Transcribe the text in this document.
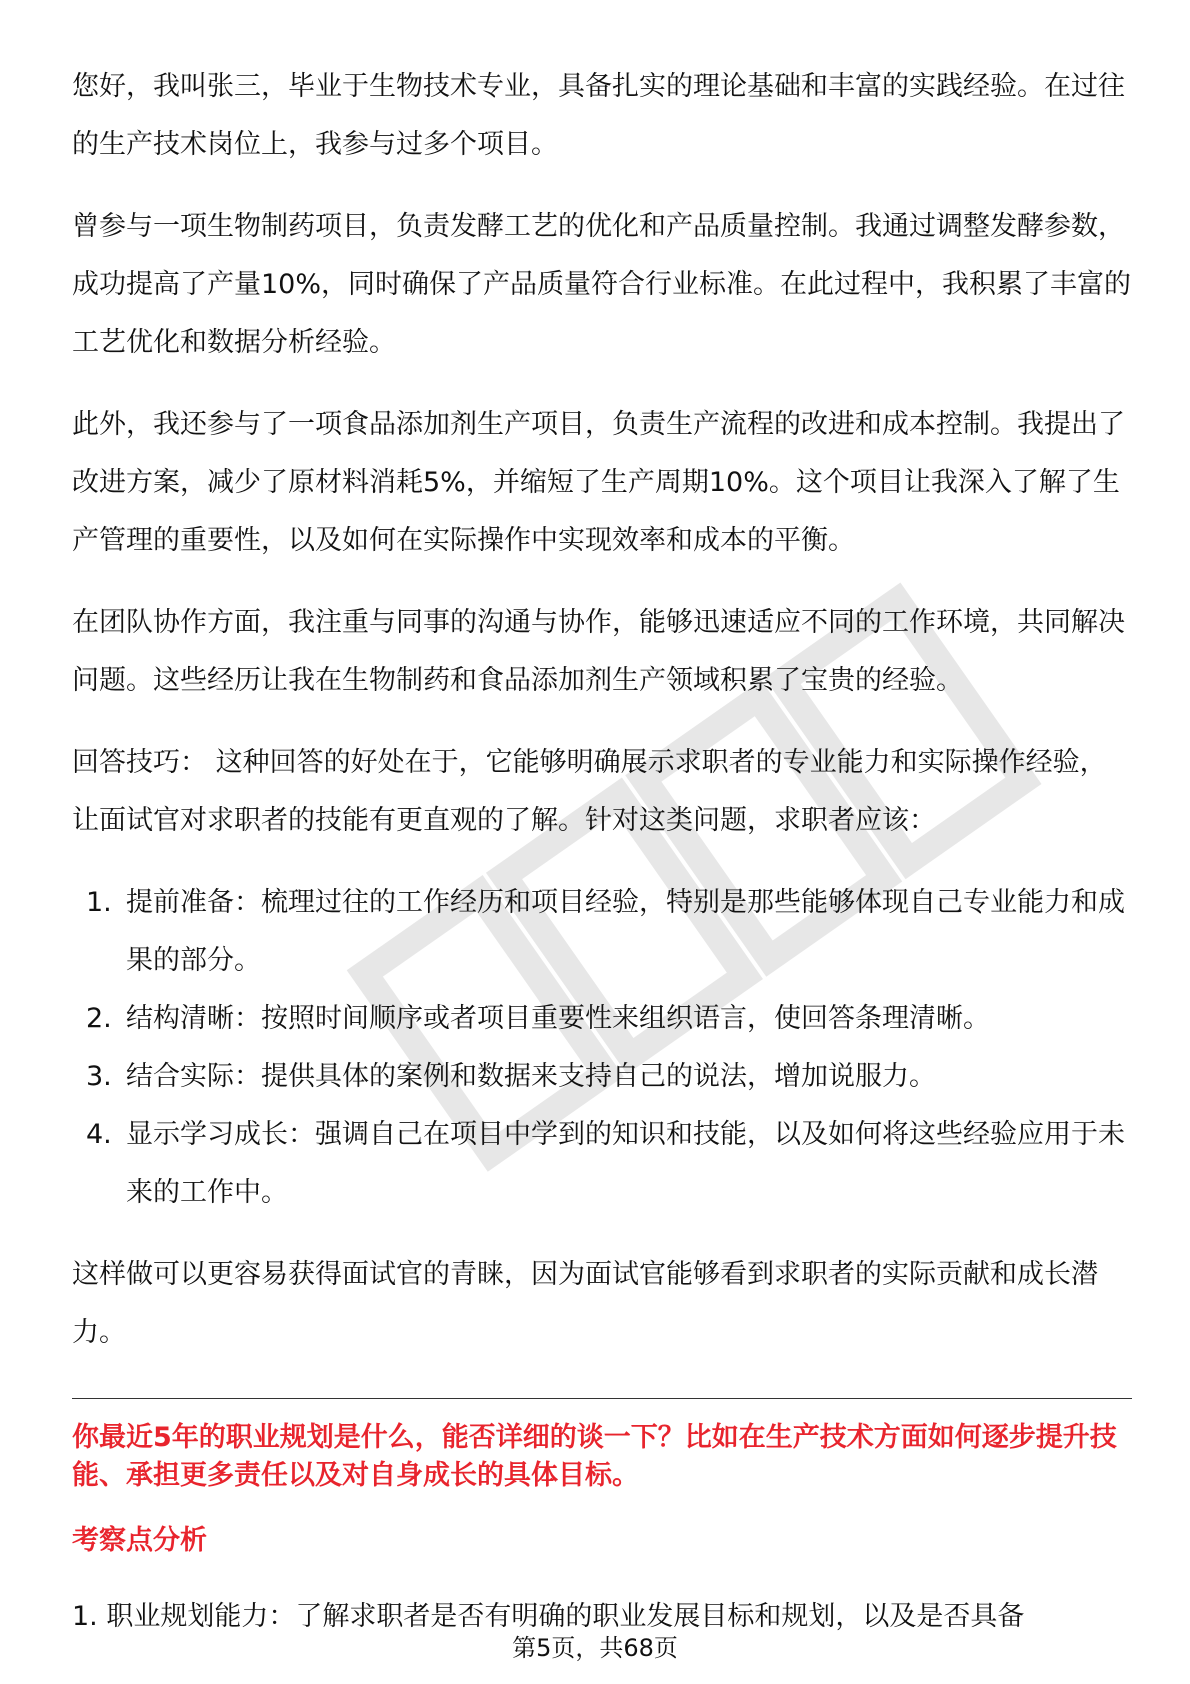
您好，我叫张三，毕业于生物技术专业，具备扎实的理论基础和丰富的实践经验。在过往的生产技术岗位上，我参与过多个项目。

曾参与一项生物制药项目，负责发酵工艺的优化和产品质量控制。我通过调整发酵参数，成功提高了产量10%，同时确保了产品质量符合行业标准。在此过程中，我积累了丰富的工艺优化和数据分析经验。

此外，我还参与了一项食品添加剂生产项目，负责生产流程的改进和成本控制。我提出了改进方案，减少了原材料消耗5%，并缩短了生产周期10%。这个项目让我深入了解了生产管理的重要性，以及如何在实际操作中实现效率和成本的平衡。

在团队协作方面，我注重与同事的沟通与协作，能够迅速适应不同的工作环境，共同解决问题。这些经历让我在生物制药和食品添加剂生产领域积累了宝贵的经验。

回答技巧： 这种回答的好处在于，它能够明确展示求职者的专业能力和实际操作经验，让面试官对求职者的技能有更直观的了解。针对这类问题，求职者应该：

1. 提前准备：梳理过往的工作经历和项目经验，特别是那些能够体现自己专业能力和成果的部分。
2. 结构清晰：按照时间顺序或者项目重要性来组织语言，使回答条理清晰。
3. 结合实际：提供具体的案例和数据来支持自己的说法，增加说服力。
4. 显示学习成长：强调自己在项目中学到的知识和技能，以及如何将这些经验应用于未来的工作中。

这样做可以更容易获得面试官的青睐，因为面试官能够看到求职者的实际贡献和成长潜力。

你最近5年的职业规划是什么，能否详细的谈一下？比如在生产技术方面如何逐步提升技能、承担更多责任以及对自身成长的具体目标。

考察点分析

1. 职业规划能力：了解求职者是否有明确的职业发展目标和规划，以及是否具备
第5页，共68页
